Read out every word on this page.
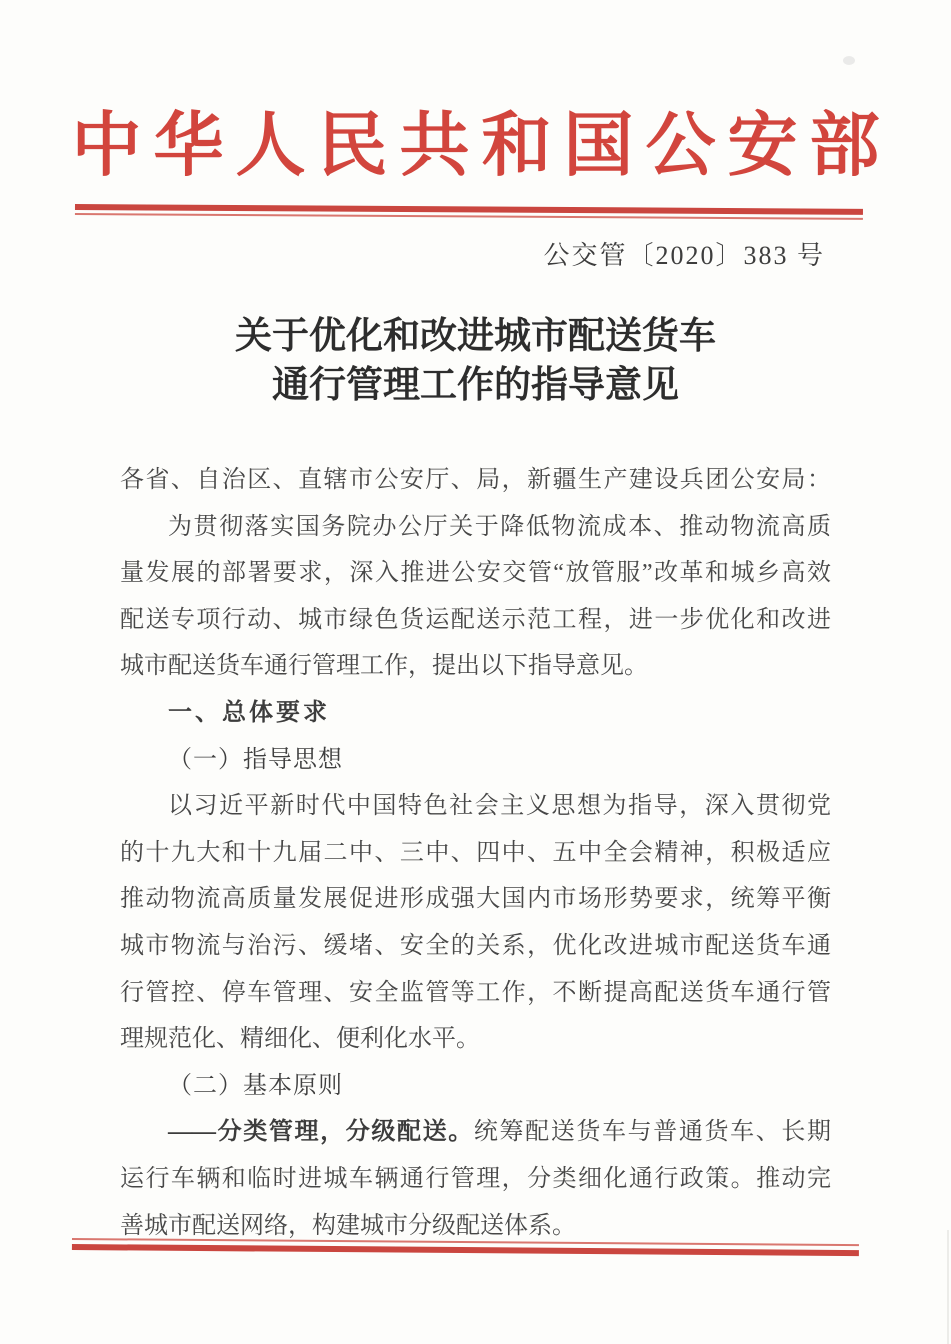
中华人民共和国公安部
公交管〔2020〕383 号
关于优化和改进城市配送货车
通行管理工作的指导意见
各省、自治区、直辖市公安厅、局，新疆生产建设兵团公安局：
为贯彻落实国务院办公厅关于降低物流成本、推动物流高质
量发展的部署要求，深入推进公安交管“放管服”改革和城乡高效
配送专项行动、城市绿色货运配送示范工程，进一步优化和改进
城市配送货车通行管理工作，提出以下指导意见。
一、总体要求
（一）指导思想
以习近平新时代中国特色社会主义思想为指导，深入贯彻党
的十九大和十九届二中、三中、四中、五中全会精神，积极适应
推动物流高质量发展促进形成强大国内市场形势要求，统筹平衡
城市物流与治污、缓堵、安全的关系，优化改进城市配送货车通
行管控、停车管理、安全监管等工作，不断提高配送货车通行管
理规范化、精细化、便利化水平。
（二）基本原则
——分类管理，分级配送。统筹配送货车与普通货车、长期
运行车辆和临时进城车辆通行管理，分类细化通行政策。推动完
善城市配送网络，构建城市分级配送体系。
